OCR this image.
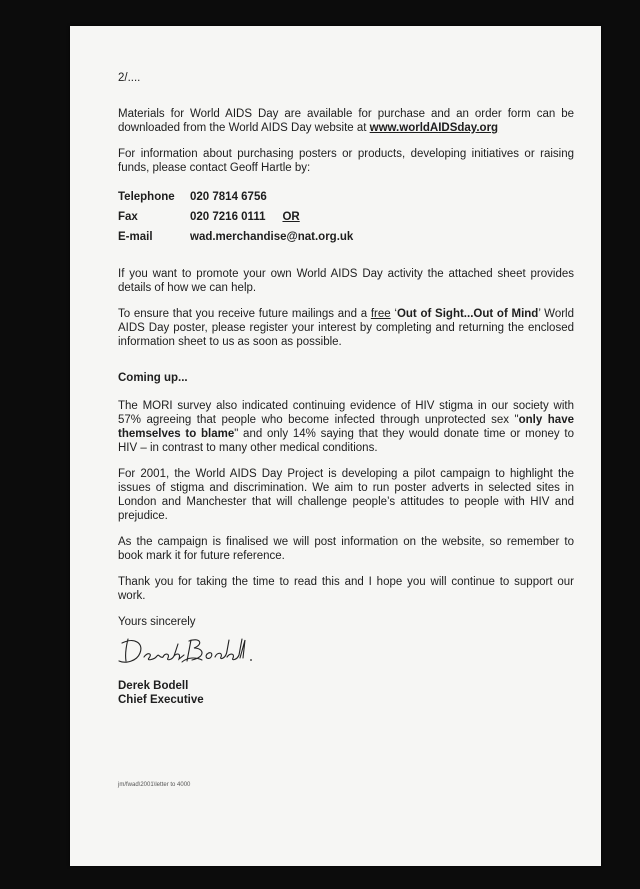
2/....

Materials for World AIDS Day are available for purchase and an order form can be downloaded from the World AIDS Day website at www.worldAIDSday.org

For information about purchasing posters or products, developing initiatives or raising funds, please contact Geoff Hartle by:

Telephone	020 7814 6756
Fax	020 7216 0111 OR
E-mail	wad.merchandise@nat.org.uk

If you want to promote your own World AIDS Day activity the attached sheet provides details of how we can help.

To ensure that you receive future mailings and a free ‘Out of Sight...Out of Mind’ World AIDS Day poster, please register your interest by completing and returning the enclosed information sheet to us as soon as possible.

Coming up...

The MORI survey also indicated continuing evidence of HIV stigma in our society with 57% agreeing that people who become infected through unprotected sex "only have themselves to blame" and only 14% saying that they would donate time or money to HIV – in contrast to many other medical conditions.

For 2001, the World AIDS Day Project is developing a pilot campaign to highlight the issues of stigma and discrimination. We aim to run poster adverts in selected sites in London and Manchester that will challenge people’s attitudes to people with HIV and prejudice.

As the campaign is finalised we will post information on the website, so remember to book mark it for future reference.

Thank you for taking the time to read this and I hope you will continue to support our work.

Yours sincerely
Derek Bodell
Chief Executive
jm/fwad\2001\letter to 4000
